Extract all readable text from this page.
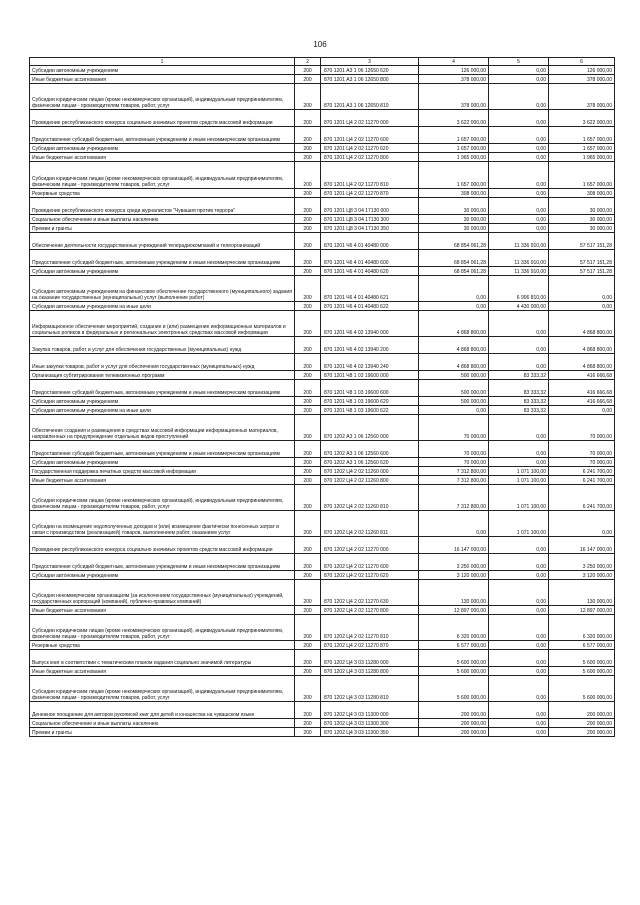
106
1	2	3	4	5	6
Субсидии автономным учреждениям	200	870 1201 А3 1 06 12650 620	126 000,00	0,00	126 000,00
Иные бюджетные ассигнования	200	870 1201 А3 1 06 12650 800	378 000,00	0,00	378 000,00
Субсидии юридическим лицам (кроме некоммерческих организаций), индивидуальным предпринимателям, физическим лицам - производителям товаров, работ, услуг	200	870 1201 А3 1 06 12650 810	378 000,00	0,00	378 000,00
Проведение республиканского конкурса социально значимых проектов средств массовой информации	200	870 1201 Ц4 2 02 11270 000	3 622 000,00	0,00	3 622 000,00
Предоставление субсидий бюджетным, автономным учреждениям и иным некоммерческим организациям	200	870 1201 Ц4 2 02 11270 600	1 657 000,00	0,00	1 657 000,00
Субсидии автономным учреждениям	200	870 1201 Ц4 2 02 11270 620	1 657 000,00	0,00	1 657 000,00
Иные бюджетные ассигнования	200	870 1201 Ц4 2 02 11270 800	1 965 000,00	0,00	1 965 000,00
Субсидии юридическим лицам (кроме некоммерческих организаций), индивидуальным предпринимателям, физическим лицам - производителям товаров, работ, услуг	200	870 1201 Ц4 2 02 11270 810	1 657 000,00	0,00	1 657 000,00
Резервные средства	200	870 1201 Ц4 2 02 11270 870	308 000,00	0,00	308 000,00
Проведение республиканского конкурса среди журналистов "Чувашия против террора"	200	870 1201 Ц8 3 04 17130 000	30 000,00	0,00	30 000,00
Социальное обеспечение и иные выплаты населению	200	870 1201 Ц8 3 04 17130 300	30 000,00	0,00	30 000,00
Премии и гранты	200	870 1201 Ц8 3 04 17130 350	30 000,00	0,00	30 000,00
Обеспечение деятельности государственных учреждений телерадиокомпаний и телеорганизаций	200	870 1201 Ч6 4 01 40480 000	68 854 061,28	11 336 910,00	57 517 151,28
Предоставление субсидий бюджетным, автономным учреждениям и иным некоммерческим организациям	200	870 1201 Ч6 4 01 40480 600	68 854 061,28	11 336 910,00	57 517 151,28
Субсидии автономным учреждениям	200	870 1201 Ч6 4 01 40480 620	68 854 061,28	11 336 910,00	57 517 151,28
Субсидии автономным учреждениям на финансовое обеспечение государственного (муниципального) задания на оказание государственных (муниципальных) услуг (выполнение работ)	200	870 1201 Ч6 4 01 40480 621	0,00	6 906 810,00	0,00
Субсидии автономным учреждениям на иные цели	200	870 1201 Ч6 4 01 40480 622	0,00	4 430 000,00	0,00
Информационное обеспечение мероприятий, создание и (или) размещение информационных материалов и социальных роликов в федеральных и региональных электронных средствах массовой информации	200	870 1201 Ч6 4 02 13940 000	4 868 800,00	0,00	4 868 800,00
Закупка товаров, работ и услуг для обеспечения государственных (муниципальных) нужд	200	870 1201 Ч6 4 02 13940 200	4 868 800,00	0,00	4 868 800,00
Иные закупки товаров, работ и услуг для обеспечения государственных (муниципальных) нужд	200	870 1201 Ч6 4 02 13940 240	4 868 800,00	0,00	4 868 800,00
Организация субтитрирования телевизионных программ	200	870 1201 Ч8 1 03 19600 000	500 000,00	83 333,32	416 666,68
Предоставление субсидий бюджетным, автономным учреждениям и иным некоммерческим организациям	200	870 1201 Ч8 1 03 19600 600	500 000,00	83 333,32	416 666,68
Субсидии автономным учреждениям	200	870 1201 Ч8 1 03 19600 620	500 000,00	83 333,32	416 666,68
Субсидии автономным учреждениям на иные цели	200	870 1201 Ч8 1 03 19600 622	0,00	83 333,32	0,00
Обеспечение создания и размещения в средствах массовой информации информационных материалов, направленных на предупреждение отдельных видов преступлений	200	870 1202 А3 1 06 12560 000	70 000,00	0,00	70 000,00
Предоставление субсидий бюджетным, автономным учреждениям и иным некоммерческим организациям	200	870 1202 А3 1 06 12560 600	70 000,00	0,00	70 000,00
Субсидии автономным учреждениям	200	870 1202 А3 1 06 12560 620	70 000,00	0,00	70 000,00
Государственная поддержка печатных средств массовой информации	200	870 1202 Ц4 2 02 11260 000	7 312 800,00	1 071 100,00	6 241 700,00
Иные бюджетные ассигнования	200	870 1202 Ц4 2 02 11260 800	7 312 800,00	1 071 100,00	6 241 700,00
Субсидии юридическим лицам (кроме некоммерческих организаций), индивидуальным предпринимателям, физическим лицам - производителям товаров, работ, услуг	200	870 1202 Ц4 2 02 11260 810	7 312 800,00	1 071 100,00	6 241 700,00
Субсидии на возмещение недополученных доходов и (или) возмещение фактически понесенных затрат в связи с производством (реализацией) товаров, выполнением работ, оказанием услуг	200	870 1202 Ц4 2 02 11260 811	0,00	1 071 100,00	0,00
Проведение республиканского конкурса социально значимых проектов средств массовой информации	200	870 1202 Ц4 2 02 11270 000	16 147 000,00	0,00	16 147 000,00
Предоставление субсидий бюджетным, автономным учреждениям и иным некоммерческим организациям	200	870 1202 Ц4 2 02 11270 600	3 250 000,00	0,00	3 250 000,00
Субсидии автономным учреждениям	200	870 1202 Ц4 2 02 11270 620	3 120 000,00	0,00	3 120 000,00
Субсидии некоммерческим организациям (за исключением государственных (муниципальных) учреждений, государственных корпораций (компаний), публично-правовых компаний)	200	870 1202 Ц4 2 02 11270 630	130 000,00	0,00	130 000,00
Иные бюджетные ассигнования	200	870 1202 Ц4 2 02 11270 800	12 897 000,00	0,00	12 897 000,00
Субсидии юридическим лицам (кроме некоммерческих организаций), индивидуальным предпринимателям, физическим лицам - производителям товаров, работ, услуг	200	870 1202 Ц4 2 02 11270 810	6 320 000,00	0,00	6 320 000,00
Резервные средства	200	870 1202 Ц4 2 02 11270 870	6 577 000,00	0,00	6 577 000,00
Выпуск книг в соответствии с тематическим планом издания социально значимой литературы	200	870 1202 Ц4 3 03 11280 000	5 600 000,00	0,00	5 600 000,00
Иные бюджетные ассигнования	200	870 1202 Ц4 3 03 11280 800	5 600 000,00	0,00	5 600 000,00
Субсидии юридическим лицам (кроме некоммерческих организаций), индивидуальным предпринимателям, физическим лицам - производителям товаров, работ, услуг	200	870 1202 Ц4 3 03 11280 810	5 600 000,00	0,00	5 600 000,00
Денежное поощрение для авторов рукописей книг для детей и юношества на чувашском языке	200	870 1202 Ц4 3 03 11300 000	200 000,00	0,00	200 000,00
Социальное обеспечение и иные выплаты населению	200	870 1202 Ц4 3 03 11300 300	200 000,00	0,00	200 000,00
Премии и гранты	200	870 1202 Ц4 3 03 11300 350	200 000,00	0,00	200 000,00
